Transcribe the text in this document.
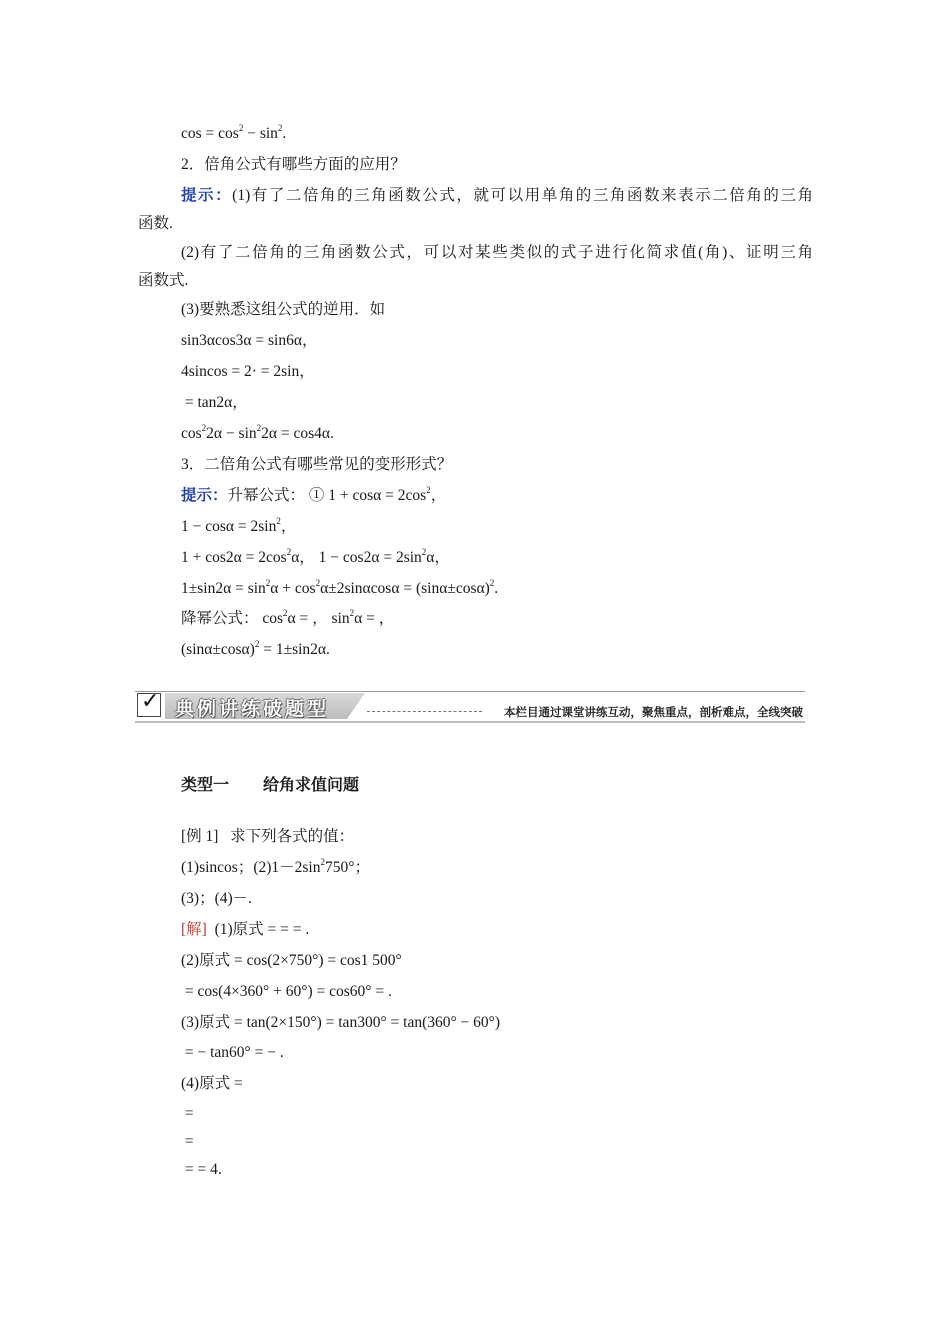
$\cos = \cos^2 - \sin^2$.
2．倍角公式有哪些方面的应用？
提示：(1)有了二倍角的三角函数公式，就可以用单角的三角函数来表示二倍角的三角
函数.
(2)有了二倍角的三角函数公式，可以对某些类似的式子进行化简求值(角)、证明三角
函数式.
(3)要熟悉这组公式的逆用．如
sin3αcos3α = sin6α，
4sincos = 2· = 2sin，
= tan2α，
$\cos^22\alpha - \sin^22\alpha = \cos 4\alpha$.
3．二倍角公式有哪些常见的变形形式？
提示：升幂公式： ① $1 + \cos\alpha = 2\cos^2$，
$1 - \cos\alpha = 2\sin^2$，
$1 + \cos 2\alpha = 2\cos^2\alpha$， $1 - \cos 2\alpha = 2\sin^2\alpha$，
$1\pm\sin 2\alpha = \sin^2\alpha + \cos^2\alpha\pm 2\sin\alpha\cos\alpha = (\sin\alpha\pm\cos\alpha)^2$.
降幂公式： $\cos^2\alpha$ = ， $\sin^2\alpha$ = ，
$(\sin\alpha\pm\cos\alpha)^2 = 1\pm\sin 2\alpha$.
✓ 典例讲练破题型	本栏目通过课堂讲练互动，聚焦重点，剖析难点，全线突破
类型一 给角求值问题
[例 1]   求下列各式的值：
(1)sincos；$(2)1-2\sin^2750^\circ$；
(3)；(4)－.
[解]  (1)原式 = = = .
(2)原式 = cos(2×750°) = cos1 500°
= cos(4×360° + 60°) = cos60° = .
(3)原式 = tan(2×150°) = tan300° = tan(360° − 60°)
= − tan60° = − .
(4)原式 =
=
=
= = 4.
